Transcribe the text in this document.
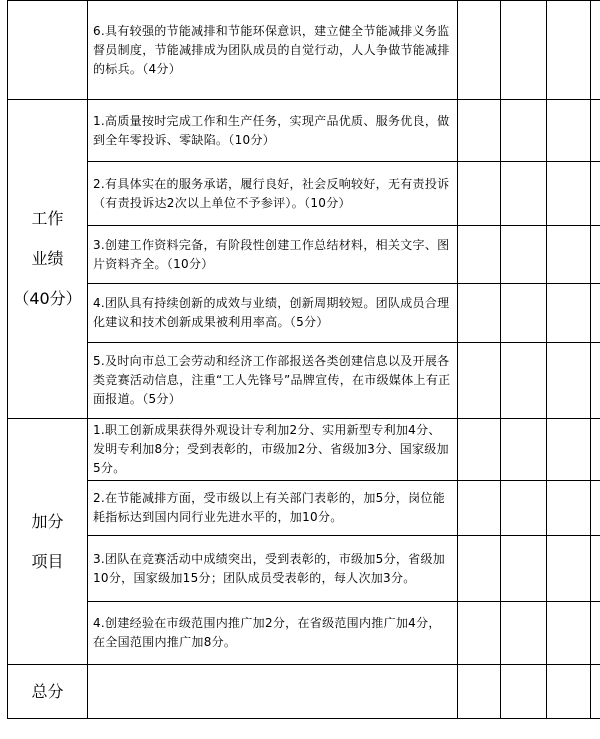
	6.具有较强的节能减排和节能环保意识，建立健全节能减排义务监督员制度，节能减排成为团队成员的自觉行动，人人争做节能减排的标兵。（4分）				

工作
业绩
（40分）	1.高质量按时完成工作和生产任务，实现产品优质、服务优良，做到全年零投诉、零缺陷。（10分）				
	2.有具体实在的服务承诺，履行良好，社会反响较好，无有责投诉（有责投诉达2次以上单位不予参评）。（10分）				
	3.创建工作资料完备，有阶段性创建工作总结材料，相关文字、图片资料齐全。（10分）				
	4.团队具有持续创新的成效与业绩，创新周期较短。团队成员合理化建议和技术创新成果被利用率高。（5分）				
	5.及时向市总工会劳动和经济工作部报送各类创建信息以及开展各类竞赛活动信息，注重“工人先锋号”品牌宣传，在市级媒体上有正面报道。（5分）				

加分
项目	1.职工创新成果获得外观设计专利加2分、实用新型专利加4分、发明专利加8分；受到表彰的，市级加2分、省级加3分、国家级加5分。				
	2.在节能减排方面，受市级以上有关部门表彰的，加5分，岗位能耗指标达到国内同行业先进水平的，加10分。				
	3.团队在竞赛活动中成绩突出，受到表彰的，市级加5分，省级加10分，国家级加15分；团队成员受表彰的，每人次加3分。				
	4.创建经验在市级范围内推广加2分，在省级范围内推广加4分，在全国范围内推广加8分。				
总分					
